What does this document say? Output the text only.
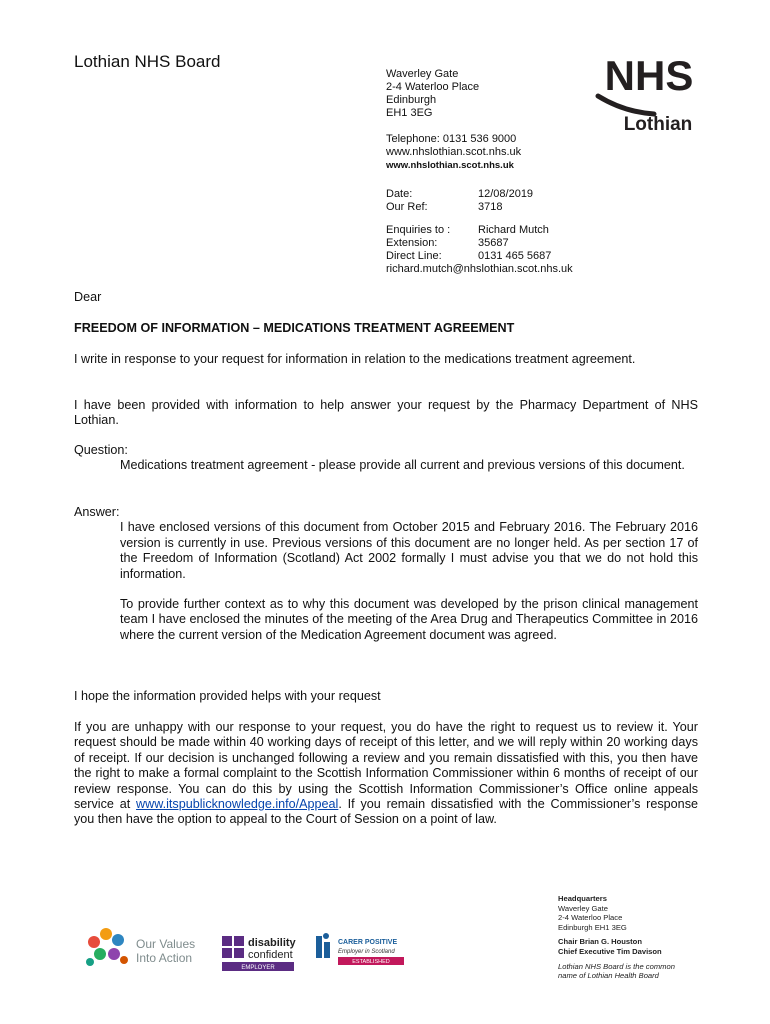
Lothian NHS Board
Waverley Gate
2-4 Waterloo Place
Edinburgh
EH1 3EG
Telephone: 0131 536 9000
www.nhslothian.scot.nhs.uk
www.nhslothian.scot.nhs.uk
Date:	12/08/2019
Our Ref:	3718
Enquiries to :	Richard Mutch
Extension:	35687
Direct Line:	0131 465 5687
richard.mutch@nhslothian.scot.nhs.uk
NHS
Lothian
Dear
FREEDOM OF INFORMATION – MEDICATIONS TREATMENT AGREEMENT
I write in response to your request for information in relation to the medications treatment agreement.
I have been provided with information to help answer your request by the Pharmacy Department of NHS Lothian.
Question:
Medications treatment agreement - please provide all current and previous versions of this document.
Answer:
I have enclosed versions of this document from October 2015 and February 2016. The February 2016 version is currently in use. Previous versions of this document are no longer held. As per section 17 of the Freedom of Information (Scotland) Act 2002 formally I must advise you that we do not hold this information.
To provide further context as to why this document was developed by the prison clinical management team I have enclosed the minutes of the meeting of the Area Drug and Therapeutics Committee in 2016 where the current version of the Medication Agreement document was agreed.
I hope the information provided helps with your request
If you are unhappy with our response to your request, you do have the right to request us to review it. Your request should be made within 40 working days of receipt of this letter, and we will reply within 20 working days of receipt. If our decision is unchanged following a review and you remain dissatisfied with this, you then have the right to make a formal complaint to the Scottish Information Commissioner within 6 months of receipt of our review response. You can do this by using the Scottish Information Commissioner’s Office online appeals service at www.itspublicknowledge.info/Appeal. If you remain dissatisfied with the Commissioner’s response you then have the option to appeal to the Court of Session on a point of law.
Our Values
Into Action
disability
confident
EMPLOYER
CARER POSITIVE
Employer in Scotland
ESTABLISHED
Headquarters
Waverley Gate
2-4 Waterloo Place
Edinburgh EH1 3EG
Chair Brian G. Houston
Chief Executive Tim Davison
Lothian NHS Board is the common
name of Lothian Health Board
